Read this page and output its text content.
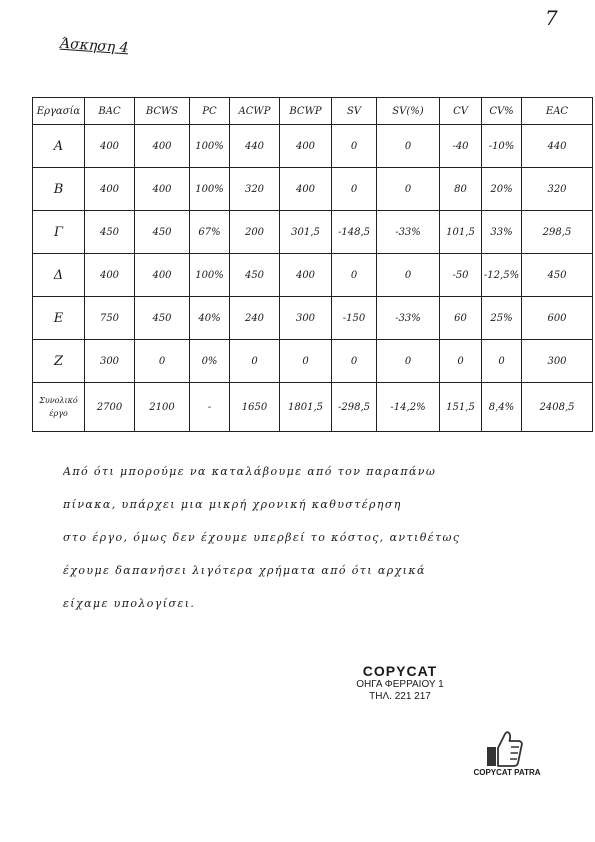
7
Άσκηση 4
Εργασία	BAC	BCWS	PC	ACWP	BCWP	SV	SV(%)	CV	CV%	EAC
A	400	400	100%	440	400	0	0	-40	-10%	440
B	400	400	100%	320	400	0	0	80	20%	320
Γ	450	450	67%	200	301,5	-148,5	-33%	101,5	33%	298,5
Δ	400	400	100%	450	400	0	0	-50	-12,5%	450
E	750	450	40%	240	300	-150	-33%	60	25%	600
Z	300	0	0%	0	0	0	0	0	0	300
Συνολικό έργο	2700	2100	-	1650	1801,5	-298,5	-14,2%	151,5	8,4%	2408,5
Από ότι μπορούμε να καταλάβουμε από τον παραπάνω
πίνακα, υπάρχει μια μικρή χρονική καθυστέρηση
στο έργο, όμως δεν έχουμε υπερβεί το κόστος, αντιθέτως
έχουμε δαπανήσει λιγότερα χρήματα από ότι αρχικά
είχαμε υπολογίσει.
COPYCAT
ΟΗΓΑ ΦΕΡΡΑΙΟΥ 1
ΤΗΛ. 221 217
COPYCAT PATRA
